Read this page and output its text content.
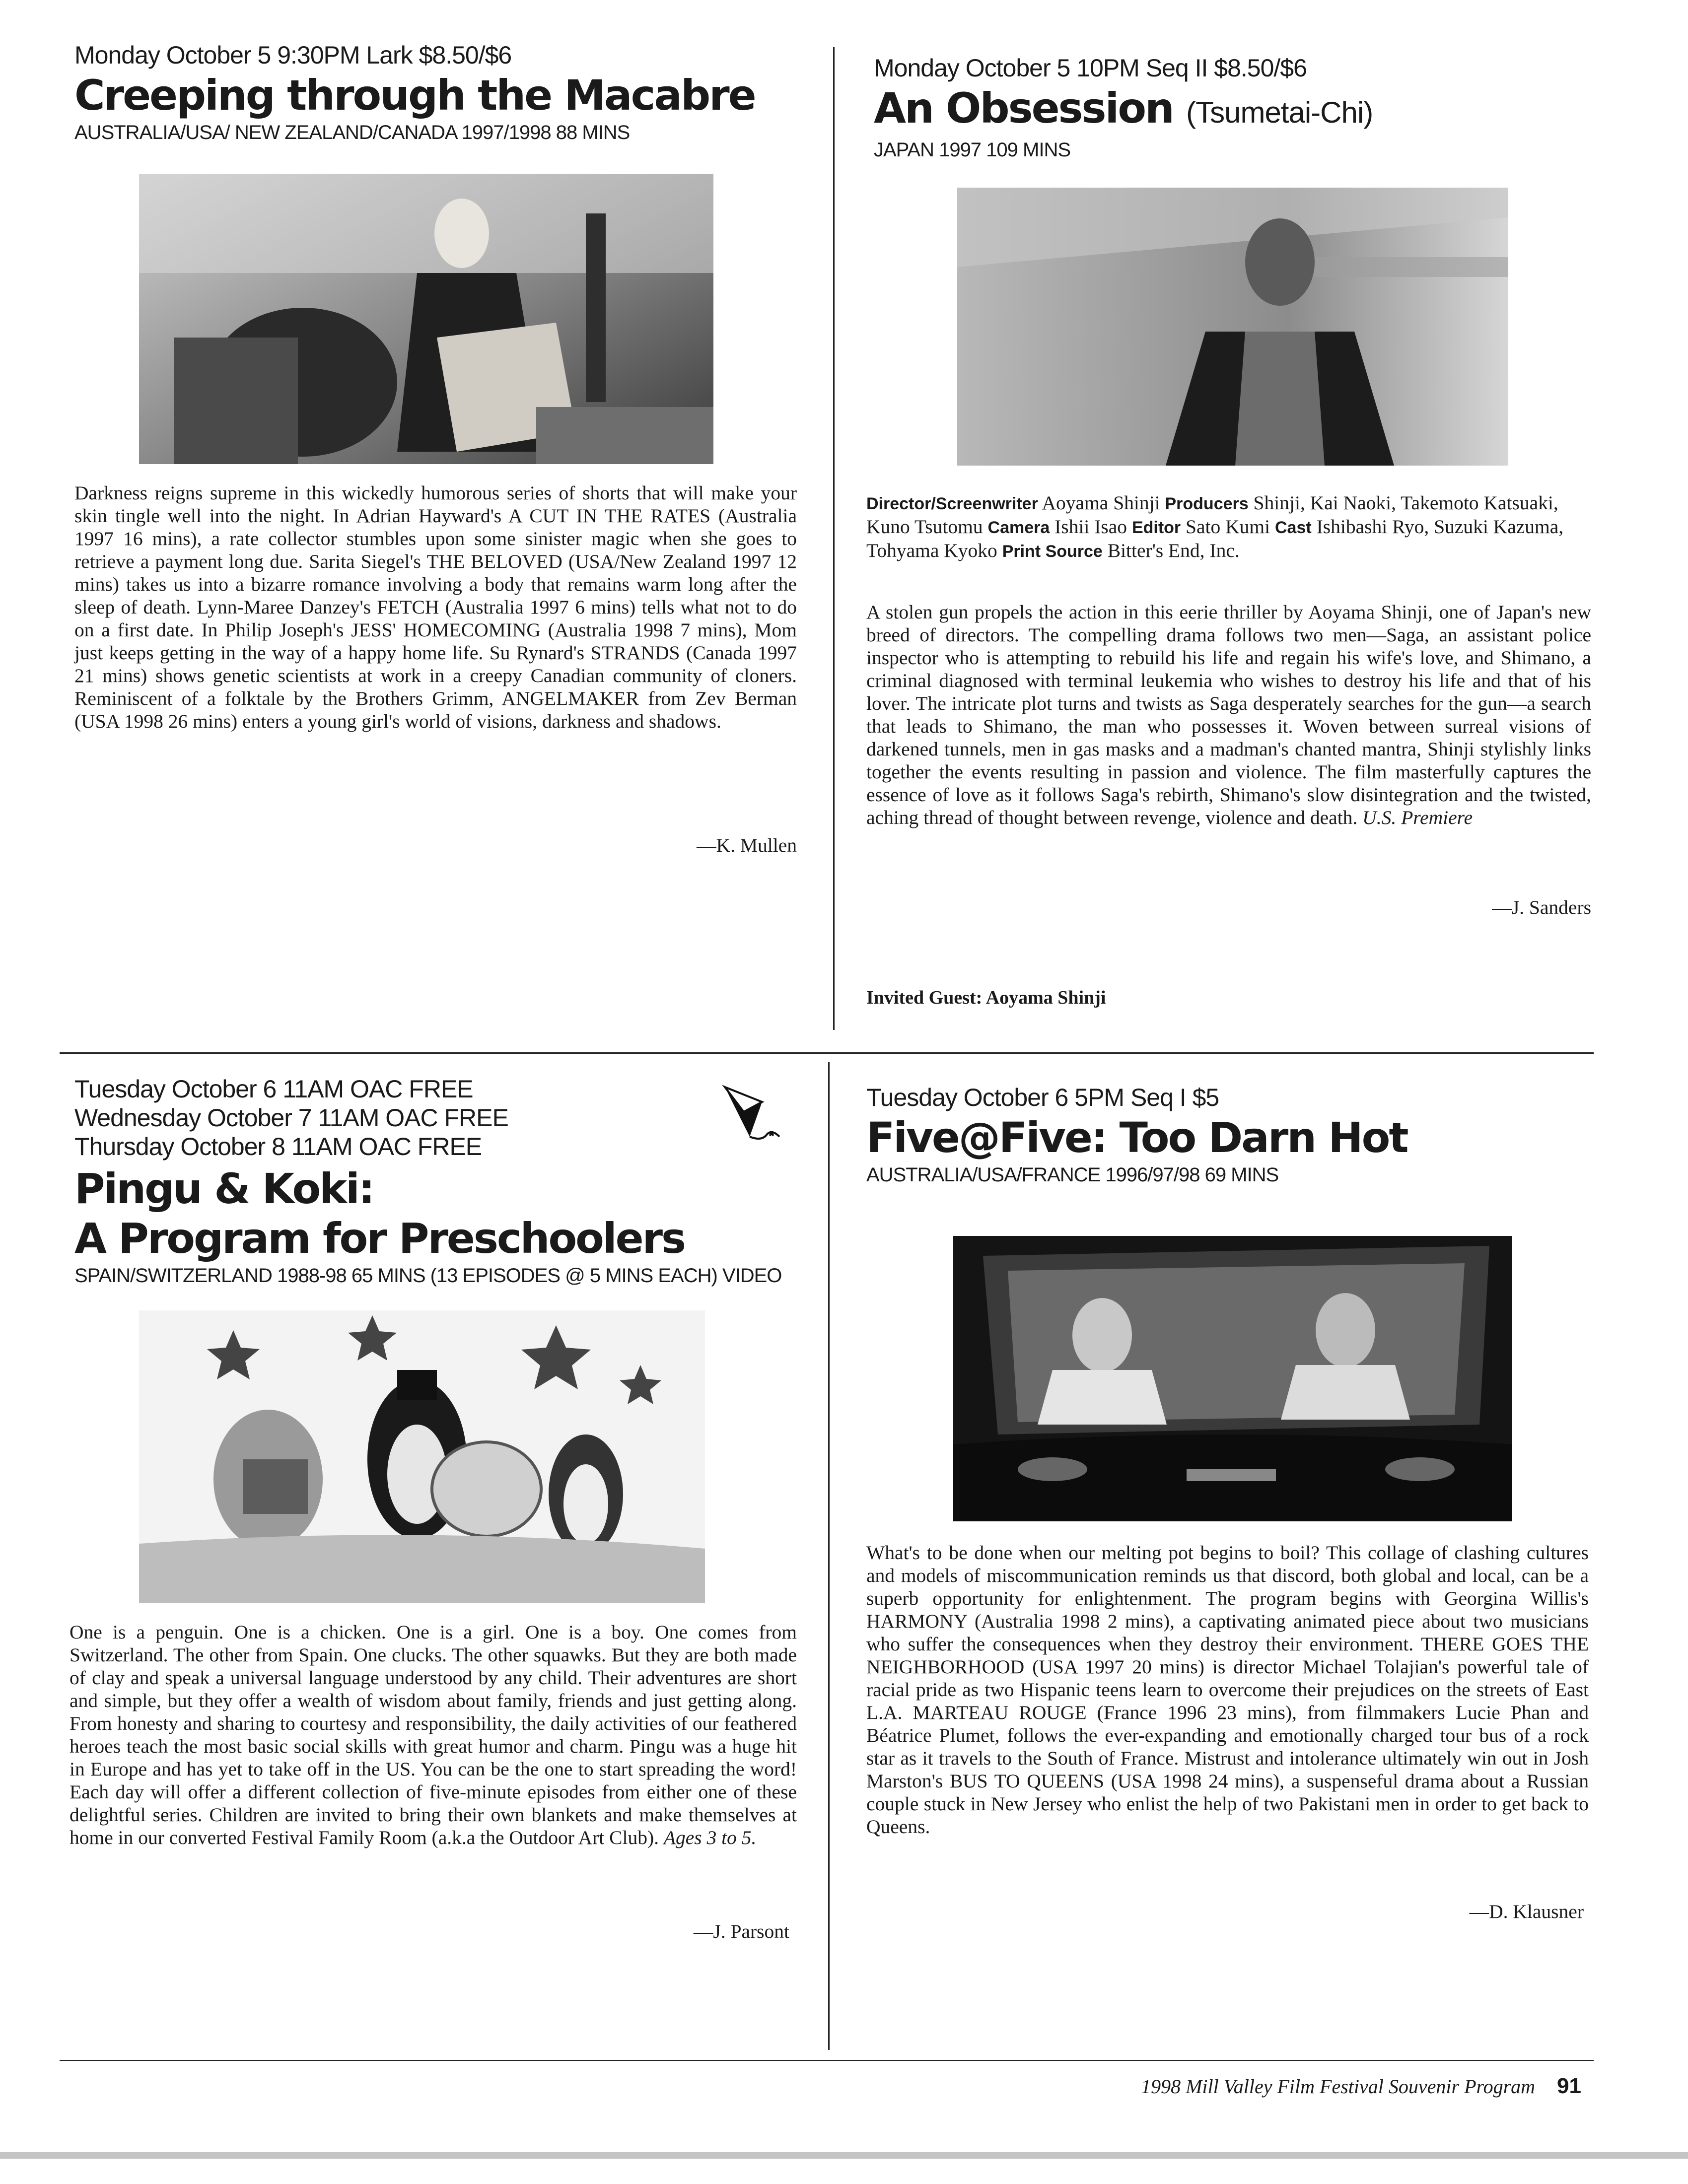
Monday October 5 9:30PM Lark $8.50/$6
Creeping through the Macabre
AUSTRALIA/USA/ NEW ZEALAND/CANADA 1997/1998 88 MINS
Darkness reigns supreme in this wickedly humorous series of shorts that will make your skin tingle well into the night. In Adrian Hayward's A CUT IN THE RATES (Australia 1997 16 mins), a rate collector stumbles upon some sinister magic when she goes to retrieve a payment long due. Sarita Siegel's THE BELOVED (USA/New Zealand 1997 12 mins) takes us into a bizarre romance involving a body that remains warm long after the sleep of death. Lynn-Maree Danzey's FETCH (Australia 1997 6 mins) tells what not to do on a first date. In Philip Joseph's JESS' HOMECOMING (Australia 1998 7 mins), Mom just keeps getting in the way of a happy home life. Su Rynard's STRANDS (Canada 1997 21 mins) shows genetic scientists at work in a creepy Canadian community of cloners. Reminiscent of a folktale by the Brothers Grimm, ANGELMAKER from Zev Berman (USA 1998 26 mins) enters a young girl's world of visions, darkness and shadows.
—K. Mullen
Monday October 5 10PM Seq II $8.50/$6
An Obsession (Tsumetai-Chi)
JAPAN 1997 109 MINS
Director/Screenwriter Aoyama Shinji Producers Shinji, Kai Naoki, Takemoto Katsuaki, Kuno Tsutomu Camera Ishii Isao Editor Sato Kumi Cast Ishibashi Ryo, Suzuki Kazuma, Tohyama Kyoko Print Source Bitter's End, Inc.
A stolen gun propels the action in this eerie thriller by Aoyama Shinji, one of Japan's new breed of directors. The compelling drama follows two men—Saga, an assistant police inspector who is attempting to rebuild his life and regain his wife's love, and Shimano, a criminal diagnosed with terminal leukemia who wishes to destroy his life and that of his lover. The intricate plot turns and twists as Saga desperately searches for the gun—a search that leads to Shimano, the man who possesses it. Woven between surreal visions of darkened tunnels, men in gas masks and a madman's chanted mantra, Shinji stylishly links together the events resulting in passion and violence. The film masterfully captures the essence of love as it follows Saga's rebirth, Shimano's slow disintegration and the twisted, aching thread of thought between revenge, violence and death. U.S. Premiere
—J. Sanders
Invited Guest: Aoyama Shinji
Tuesday October 6 11AM OAC FREE
Wednesday October 7 11AM OAC FREE
Thursday October 8 11AM OAC FREE
Pingu & Koki:
A Program for Preschoolers
SPAIN/SWITZERLAND 1988-98 65 MINS (13 EPISODES @ 5 MINS EACH) VIDEO
One is a penguin. One is a chicken. One is a girl. One is a boy. One comes from Switzerland. The other from Spain. One clucks. The other squawks. But they are both made of clay and speak a universal language understood by any child. Their adventures are short and simple, but they offer a wealth of wisdom about family, friends and just getting along. From honesty and sharing to courtesy and responsibility, the daily activities of our feathered heroes teach the most basic social skills with great humor and charm. Pingu was a huge hit in Europe and has yet to take off in the US. You can be the one to start spreading the word! Each day will offer a different collection of five-minute episodes from either one of these delightful series. Children are invited to bring their own blankets and make themselves at home in our converted Festival Family Room (a.k.a the Outdoor Art Club). Ages 3 to 5.
—J. Parsont
Tuesday October 6 5PM Seq I $5
Five@Five: Too Darn Hot
AUSTRALIA/USA/FRANCE 1996/97/98 69 MINS
What's to be done when our melting pot begins to boil? This collage of clashing cultures and models of miscommunication reminds us that discord, both global and local, can be a superb opportunity for enlightenment. The program begins with Georgina Willis's HARMONY (Australia 1998 2 mins), a captivating animated piece about two musicians who suffer the consequences when they destroy their environment. THERE GOES THE NEIGHBORHOOD (USA 1997 20 mins) is director Michael Tolajian's powerful tale of racial pride as two Hispanic teens learn to overcome their prejudices on the streets of East L.A. MARTEAU ROUGE (France 1996 23 mins), from filmmakers Lucie Phan and Béatrice Plumet, follows the ever-expanding and emotionally charged tour bus of a rock star as it travels to the South of France. Mistrust and intolerance ultimately win out in Josh Marston's BUS TO QUEENS (USA 1998 24 mins), a suspenseful drama about a Russian couple stuck in New Jersey who enlist the help of two Pakistani men in order to get back to Queens.
—D. Klausner
1998 Mill Valley Film Festival Souvenir Program 91
